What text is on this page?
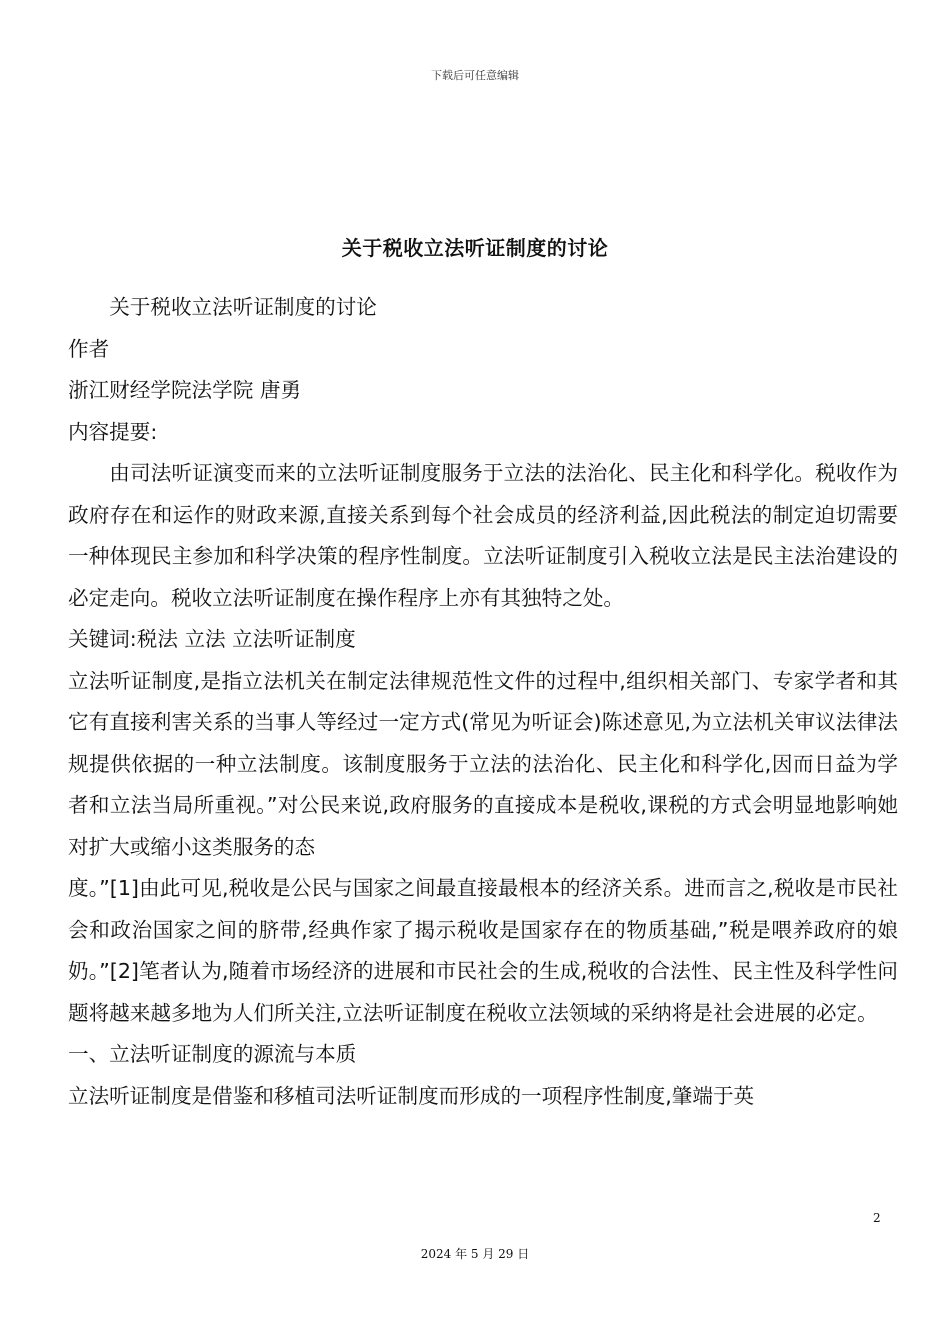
下载后可任意编辑
关于税收立法听证制度的讨论

关于税收立法听证制度的讨论

作者

浙江财经学院法学院 唐勇

内容提要:

由司法听证演变而来的立法听证制度服务于立法的法治化、民主化和科学化。税收作为政府存在和运作的财政来源,直接关系到每个社会成员的经济利益,因此税法的制定迫切需要一种体现民主参加和科学决策的程序性制度。立法听证制度引入税收立法是民主法治建设的必定走向。税收立法听证制度在操作程序上亦有其独特之处。

关键词:税法 立法 立法听证制度

立法听证制度,是指立法机关在制定法律规范性文件的过程中,组织相关部门、专家学者和其它有直接利害关系的当事人等经过一定方式(常见为听证会)陈述意见,为立法机关审议法律法规提供依据的一种立法制度。该制度服务于立法的法治化、民主化和科学化,因而日益为学者和立法当局所重视。”对公民来说,政府服务的直接成本是税收,课税的方式会明显地影响她对扩大或缩小这类服务的态

度。”[1]由此可见,税收是公民与国家之间最直接最根本的经济关系。进而言之,税收是市民社会和政治国家之间的脐带,经典作家了揭示税收是国家存在的物质基础,”税是喂养政府的娘奶。”[2]笔者认为,随着市场经济的进展和市民社会的生成,税收的合法性、民主性及科学性问题将越来越多地为人们所关注,立法听证制度在税收立法领域的采纳将是社会进展的必定。

一、立法听证制度的源流与本质

立法听证制度是借鉴和移植司法听证制度而形成的一项程序性制度,肇端于英

2
2024 年 5 月 29 日
